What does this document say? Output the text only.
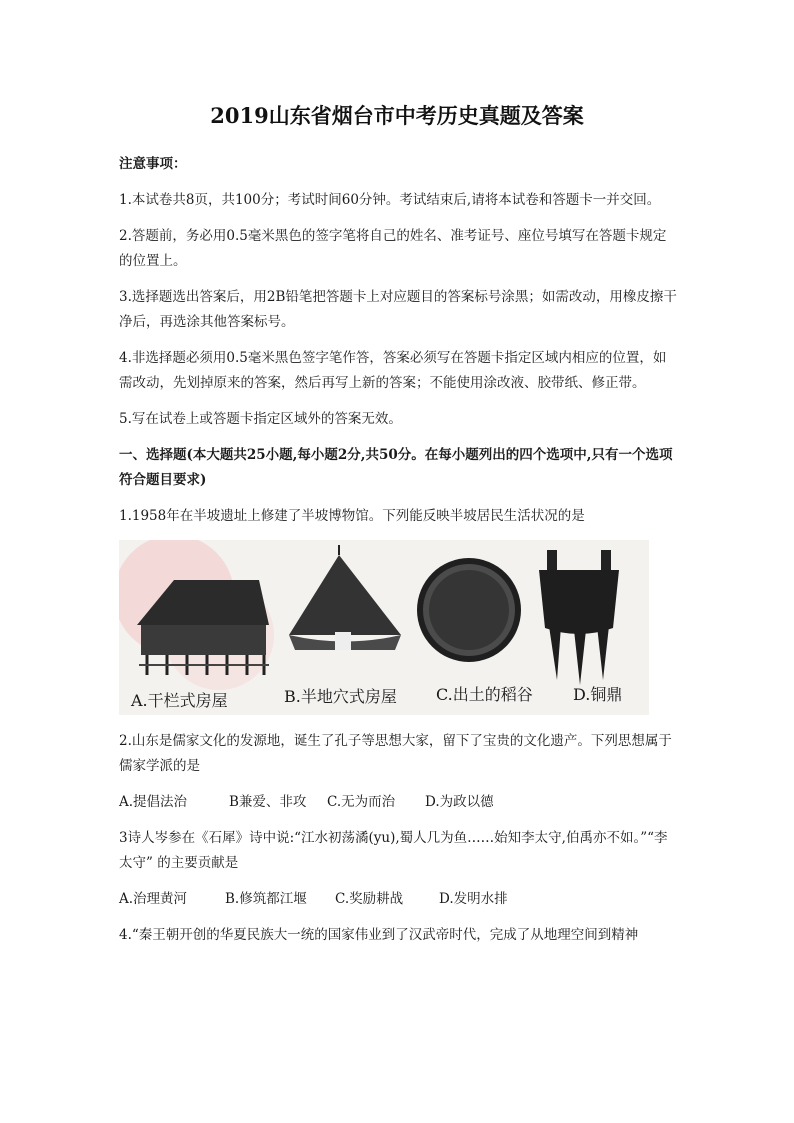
2019山东省烟台市中考历史真题及答案

注意事项：

1.本试卷共8页，共100分；考试时间60分钟。考试结束后,请将本试卷和答题卡一并交回。

2.答题前，务必用0.5毫米黑色的签字笔将自己的姓名、准考证号、座位号填写在答题卡规定的位置上。

3.选择题选出答案后，用2B铅笔把答题卡上对应题目的答案标号涂黑；如需改动，用橡皮擦干净后，再选涂其他答案标号。

4.非选择题必须用0.5毫米黑色签字笔作答，答案必须写在答题卡指定区域内相应的位置，如需改动，先划掉原来的答案，然后再写上新的答案；不能使用涂改液、胶带纸、修正带。

5.写在试卷上或答题卡指定区域外的答案无效。

一、选择题(本大题共25小题,每小题2分,共50分。在每小题列出的四个选项中,只有一个选项符合题目要求)

1.1958年在半坡遗址上修建了半坡博物馆。下列能反映半坡居民生活状况的是

A.干栏式房屋	B.半地穴式房屋 C.出土的稻谷	D.铜鼎

2.山东是儒家文化的发源地，诞生了孔子等思想大家，留下了宝贵的文化遗产。下列思想属于儒家学派的是

A.提倡法治	B兼爱、非攻	C.无为而治	D.为政以德

3诗人岑参在《石犀》诗中说:“江水初荡潏(yu),蜀人几为鱼……始知李太守,伯禹亦不如。”“李太守” 的主要贡献是

A.治理黄河	B.修筑都江堰	C.奖励耕战	D.发明水排

4.“秦王朝开创的华夏民族大一统的国家伟业到了汉武帝时代，完成了从地理空间到精神
